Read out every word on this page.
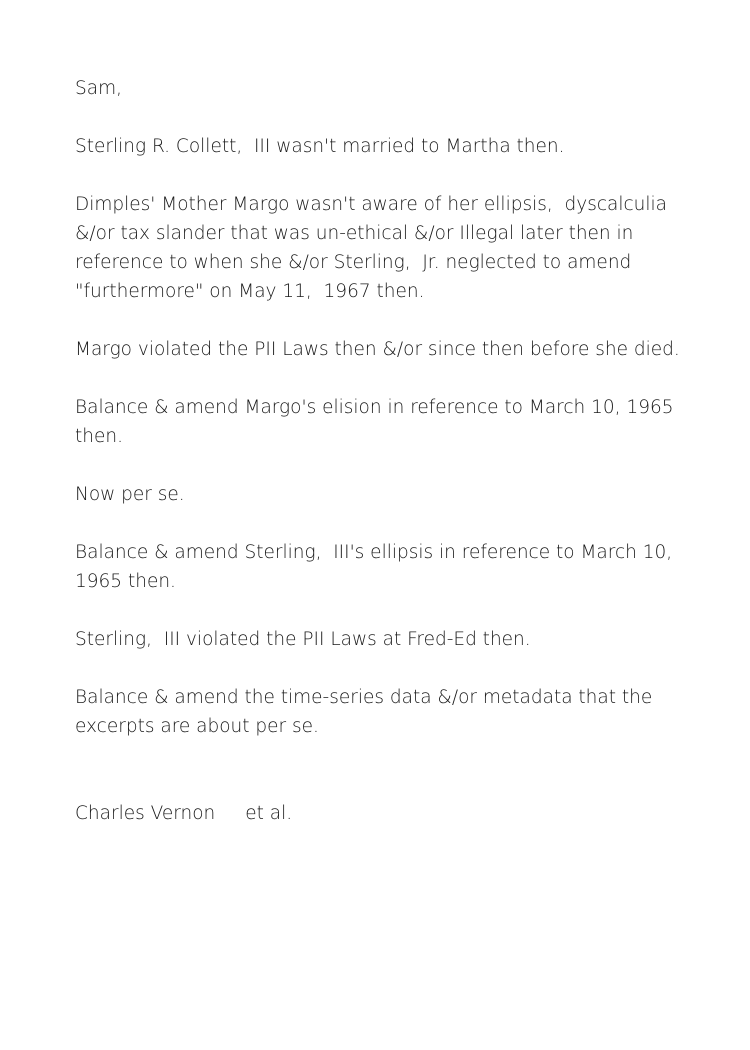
Sam,

Sterling R. Collett,  III wasn't married to Martha then.

Dimples' Mother Margo wasn't aware of her ellipsis,  dyscalculia &/or tax slander that was un-ethical &/or Illegal later then in reference to when she &/or Sterling,  Jr. neglected to amend "furthermore" on May 11,  1967 then.

Margo violated the PII Laws then &/or since then before she died.

Balance & amend Margo's elision in reference to March 10, 1965 then.

Now per se.

Balance & amend Sterling,  III's ellipsis in reference to March 10, 1965 then.

Sterling,  III violated the PII Laws at Fred-Ed then.

Balance & amend the time-series data &/or metadata that the excerpts are about per se.

Charles Vernon et al.
